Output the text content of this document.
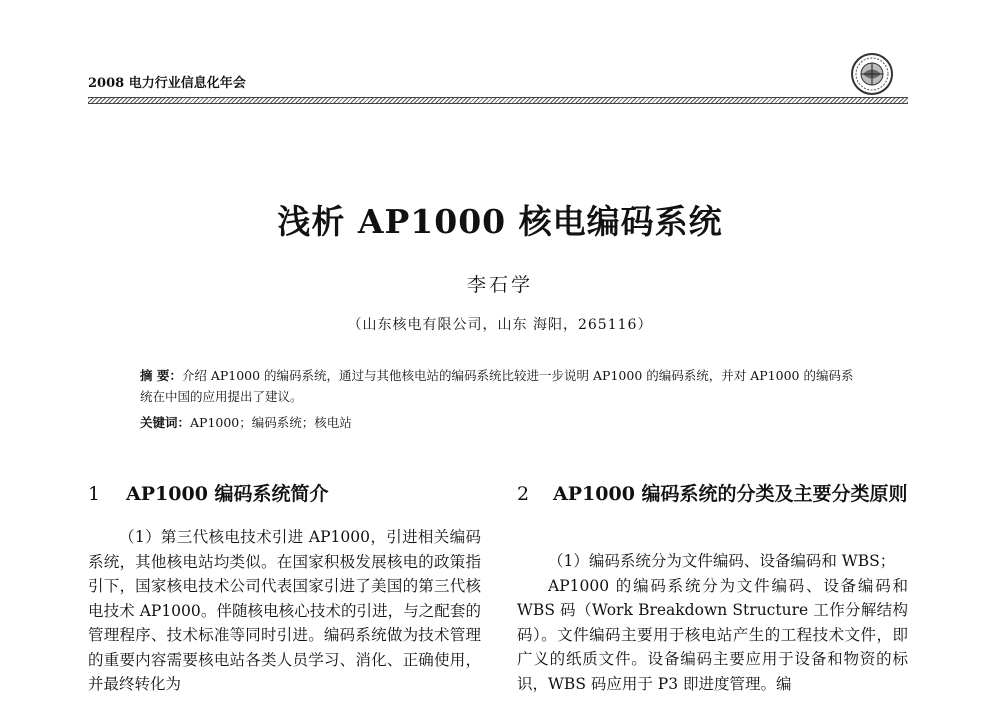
2008 电力行业信息化年会
浅析 AP1000 核电编码系统
李石学
（山东核电有限公司，山东 海阳，265116）
摘 要：介绍 AP1000 的编码系统，通过与其他核电站的编码系统比较进一步说明 AP1000 的编码系统，并对 AP1000 的编码系统在中国的应用提出了建议。
关键词：AP1000；编码系统；核电站
1 AP1000 编码系统简介

（1）第三代核电技术引进 AP1000，引进相关编码系统，其他核电站均类似。在国家积极发展核电的政策指引下，国家核电技术公司代表国家引进了美国的第三代核电技术 AP1000。伴随核电核心技术的引进，与之配套的管理程序、技术标准等同时引进。编码系统做为技术管理的重要内容需要核电站各类人员学习、消化、正确使用，并最终转化为

2	AP1000 编码系统的分类及主要分类原则

（1）编码系统分为文件编码、设备编码和 WBS；

AP1000 的编码系统分为文件编码、设备编码和 WBS 码（Work Breakdown Structure 工作分解结构码）。文件编码主要用于核电站产生的工程技术文件，即广义的纸质文件。设备编码主要应用于设备和物资的标识，WBS 码应用于 P3 即进度管理。编
